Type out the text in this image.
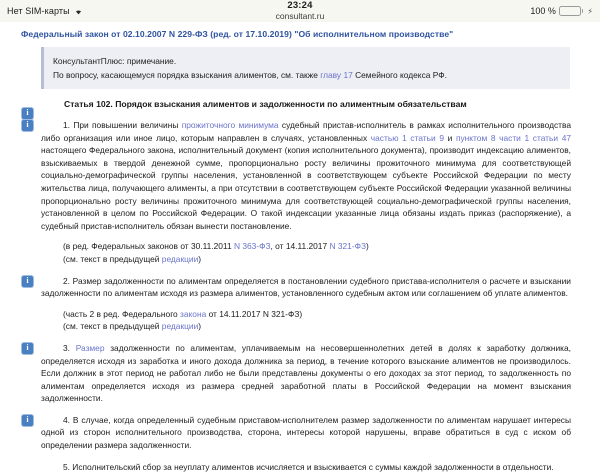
Нет SIM-карты	23:24
consultant.ru	100 %	⚡
Федеральный закон от 02.10.2007 N 229-ФЗ (ред. от 17.10.2019) "Об исполнительном производстве"
КонсультантПлюс: примечание.
По вопросу, касающемуся порядка взыскания алиментов, см. также главу 17 Семейного кодекса РФ.
i
Статья 102. Порядок взыскания алиментов и задолженности по алиментным обязательствам
i

1. При повышении величины прожиточного минимума судебный пристав-исполнитель в рамках исполнительного производства либо организация или иное лицо, которым направлен в случаях, установленных частью 1 статьи 9 и пунктом 8 части 1 статьи 47 настоящего Федерального закона, исполнительный документ (копия исполнительного документа), производит индексацию алиментов, взыскиваемых в твердой денежной сумме, пропорционально росту величины прожиточного минимума для соответствующей социально-демографической группы населения, установленной в соответствующем субъекте Российской Федерации по месту жительства лица, получающего алименты, а при отсутствии в соответствующем субъекте Российской Федерации указанной величины пропорционально росту величины прожиточного минимума для соответствующей социально-демографической группы населения, установленной в целом по Российской Федерации. О такой индексации указанные лица обязаны издать приказ (распоряжение), а судебный пристав-исполнитель обязан вынести постановление.

(в ред. Федеральных законов от 30.11.2011 N 363-ФЗ, от 14.11.2017 N 321-ФЗ)

(см. текст в предыдущей редакции)

i

2. Размер задолженности по алиментам определяется в постановлении судебного пристава-исполнителя о расчете и взыскании задолженности по алиментам исходя из размера алиментов, установленного судебным актом или соглашением об уплате алиментов.

(часть 2 в ред. Федерального закона от 14.11.2017 N 321-ФЗ)

(см. текст в предыдущей редакции)

i

3. Размер задолженности по алиментам, уплачиваемым на несовершеннолетних детей в долях к заработку должника, определяется исходя из заработка и иного дохода должника за период, в течение которого взыскание алиментов не производилось. Если должник в этот период не работал либо не были представлены документы о его доходах за этот период, то задолженность по алиментам определяется исходя из размера средней заработной платы в Российской Федерации на момент взыскания задолженности.

i

4. В случае, когда определенный судебным приставом-исполнителем размер задолженности по алиментам нарушает интересы одной из сторон исполнительного производства, сторона, интересы которой нарушены, вправе обратиться в суд с иском об определении размера задолженности.

5. Исполнительский сбор за неуплату алиментов исчисляется и взыскивается с суммы каждой задолженности в отдельности.
